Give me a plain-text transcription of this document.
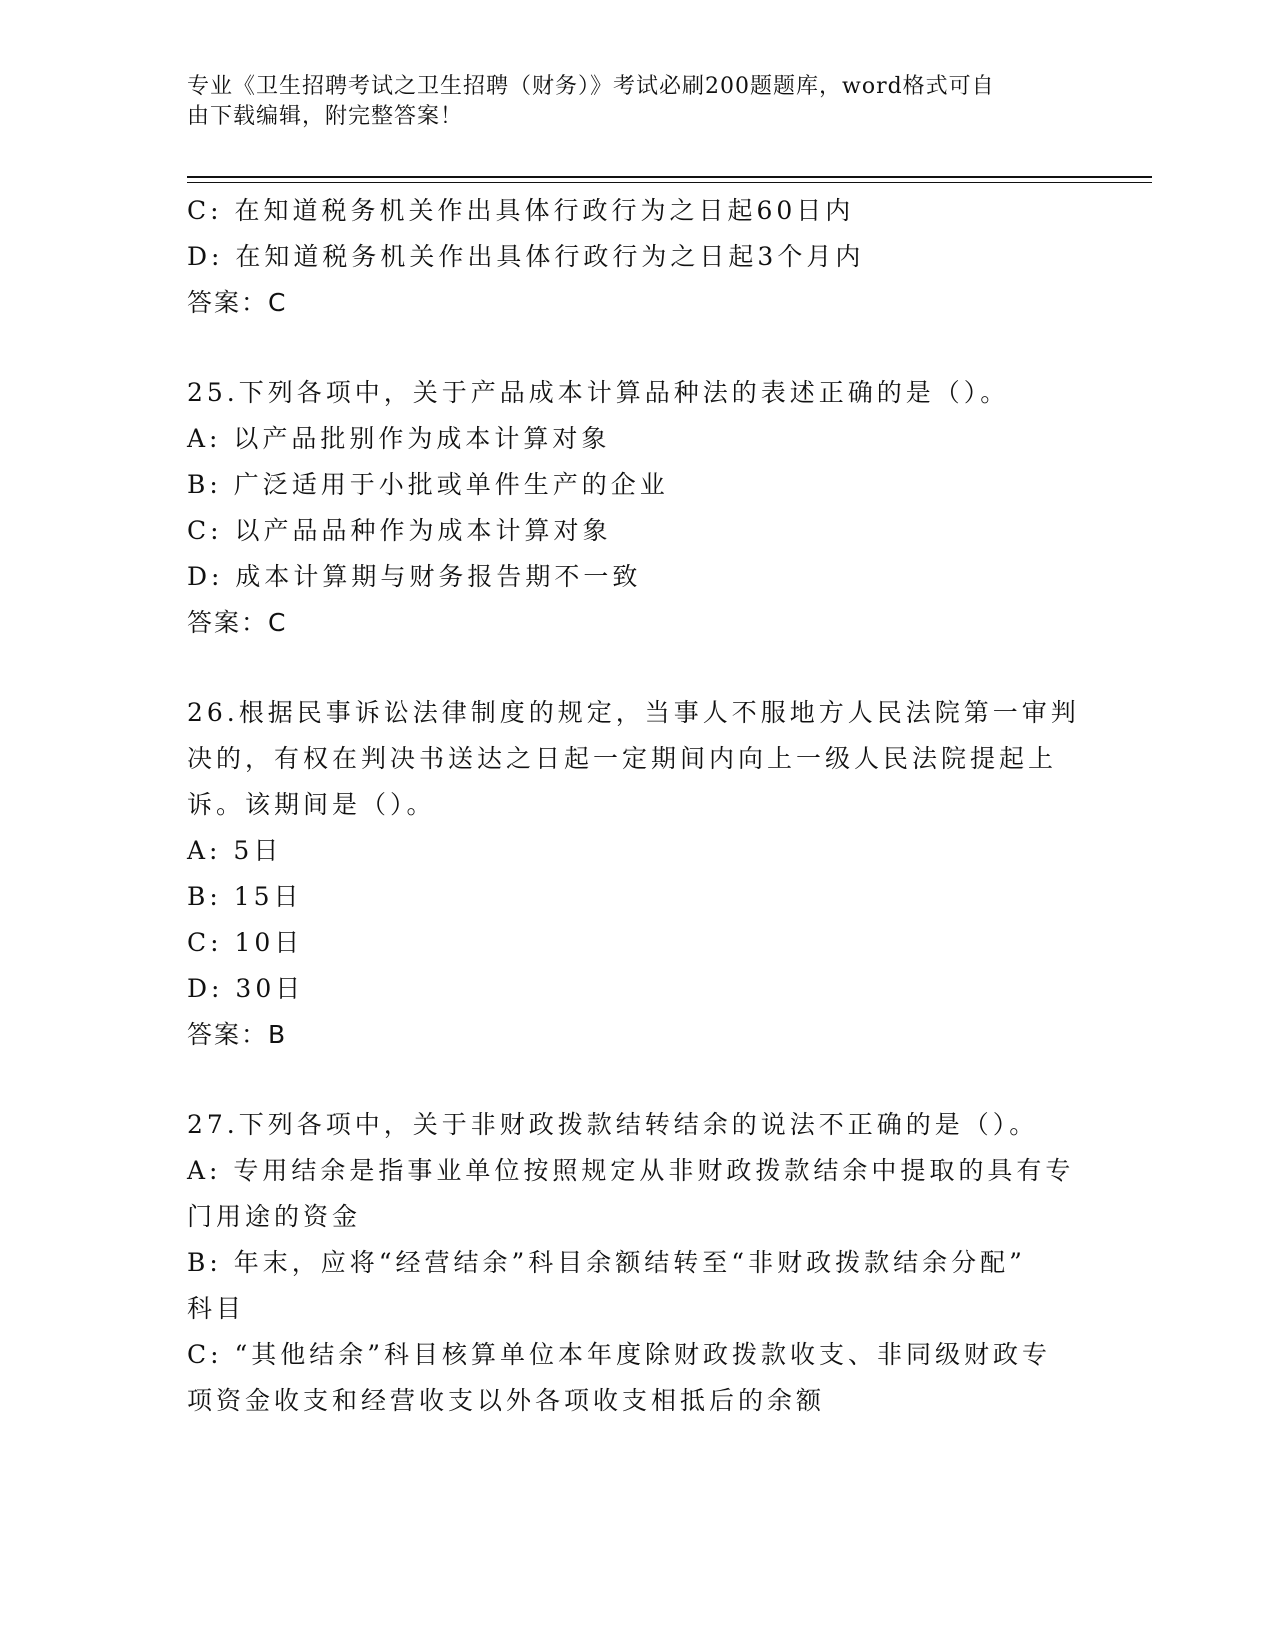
专业《卫生招聘考试之卫生招聘（财务）》考试必刷200题题库，word格式可自
由下载编辑，附完整答案！
C: 在知道税务机关作出具体行政行为之日起60日内
D: 在知道税务机关作出具体行政行为之日起3个月内
答案：C
25.下列各项中，关于产品成本计算品种法的表述正确的是（）。
A: 以产品批别作为成本计算对象
B: 广泛适用于小批或单件生产的企业
C: 以产品品种作为成本计算对象
D: 成本计算期与财务报告期不一致
答案：C
26.根据民事诉讼法律制度的规定，当事人不服地方人民法院第一审判
决的，有权在判决书送达之日起一定期间内向上一级人民法院提起上
诉。该期间是（）。
A: 5日
B: 15日
C: 10日
D: 30日
答案：B
27.下列各项中，关于非财政拨款结转结余的说法不正确的是（）。
A: 专用结余是指事业单位按照规定从非财政拨款结余中提取的具有专
门用途的资金
B: 年末，应将“经营结余”科目余额结转至“非财政拨款结余分配”
科目
C: “其他结余”科目核算单位本年度除财政拨款收支、非同级财政专
项资金收支和经营收支以外各项收支相抵后的余额
